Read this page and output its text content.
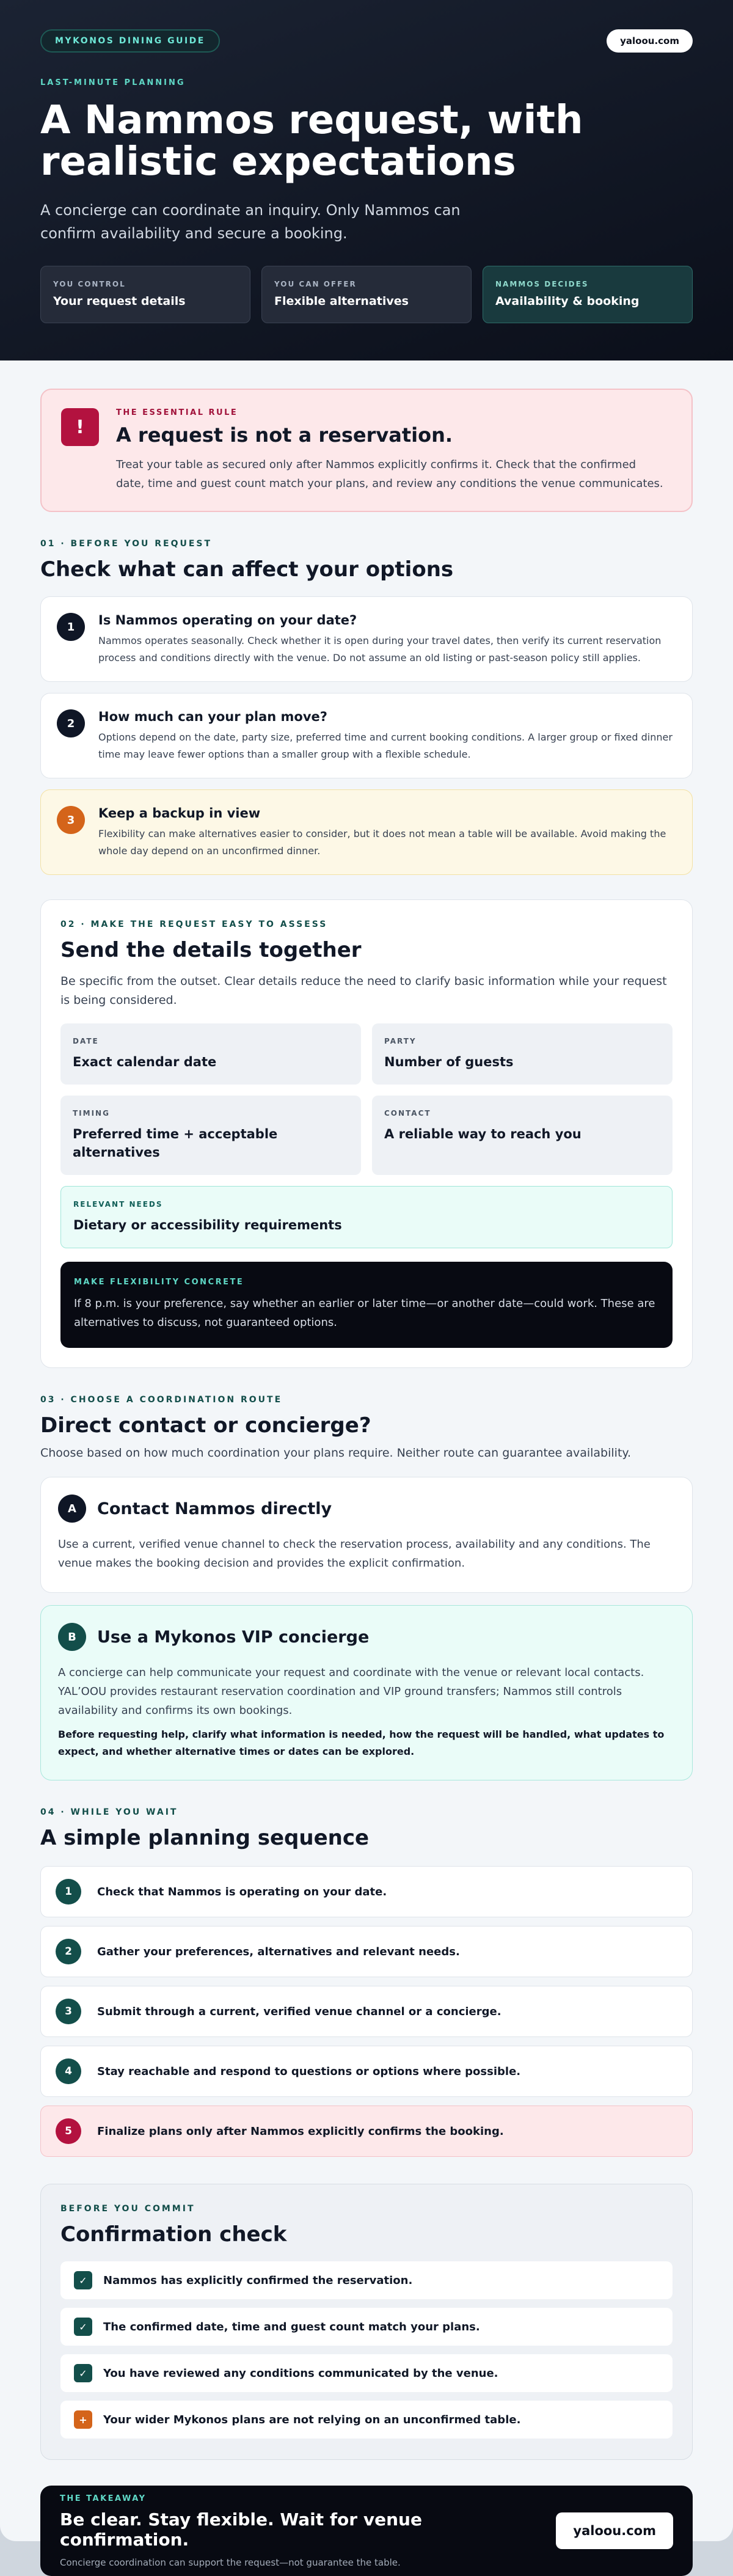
MYKONOS DINING GUIDE	yaloou.com
LAST-MINUTE PLANNING
A Nammos request, with realistic expectations

A concierge can coordinate an inquiry. Only Nammos can confirm availability and secure a booking.

YOU CONTROL
Your request details
YOU CAN OFFER
Flexible alternatives
NAMMOS DECIDES
Availability & booking
!
THE ESSENTIAL RULE
A request is not a reservation.

Treat your table as secured only after Nammos explicitly confirms it. Check that the confirmed date, time and guest count match your plans, and review any conditions the venue communicates.

01 · BEFORE YOU REQUEST
Check what can affect your options
1	Is Nammos operating on your date?

Nammos operates seasonally. Check whether it is open during your travel dates, then verify its current reservation process and conditions directly with the venue. Do not assume an old listing or past-season policy still applies.

2	How much can your plan move?

Options depend on the date, party size, preferred time and current booking conditions. A larger group or fixed dinner time may leave fewer options than a smaller group with a flexible schedule.

3	Keep a backup in view

Flexibility can make alternatives easier to consider, but it does not mean a table will be available. Avoid making the whole day depend on an unconfirmed dinner.

02 · MAKE THE REQUEST EASY TO ASSESS
Send the details together

Be specific from the outset. Clear details reduce the need to clarify basic information while your request is being considered.

DATE
Exact calendar date
PARTY
Number of guests
TIMING
Preferred time + acceptable alternatives
CONTACT
A reliable way to reach you
RELEVANT NEEDS
Dietary or accessibility requirements
MAKE FLEXIBILITY CONCRETE

If 8 p.m. is your preference, say whether an earlier or later time—or another date—could work. These are alternatives to discuss, not guaranteed options.

03 · CHOOSE A COORDINATION ROUTE
Direct contact or concierge?

Choose based on how much coordination your plans require. Neither route can guarantee availability.

A	Contact Nammos directly

Use a current, verified venue channel to check the reservation process, availability and any conditions. The venue makes the booking decision and provides the explicit confirmation.

B	Use a Mykonos VIP concierge

A concierge can help communicate your request and coordinate with the venue or relevant local contacts. YAL’OOU provides restaurant reservation coordination and VIP ground transfers; Nammos still controls availability and confirms its own bookings.

Before requesting help, clarify what information is needed, how the request will be handled, what updates to expect, and whether alternative times or dates can be explored.

04 · WHILE YOU WAIT
A simple planning sequence
1	Check that Nammos is operating on your date.
2	Gather your preferences, alternatives and relevant needs.
3	Submit through a current, verified venue channel or a concierge.
4	Stay reachable and respond to questions or options where possible.
5	Finalize plans only after Nammos explicitly confirms the booking.
BEFORE YOU COMMIT
Confirmation check
✓	Nammos has explicitly confirmed the reservation.
✓	The confirmed date, time and guest count match your plans.
✓	You have reviewed any conditions communicated by the venue.
+	Your wider Mykonos plans are not relying on an unconfirmed table.
THE TAKEAWAY
Be clear. Stay flexible. Wait for venue confirmation.
Concierge coordination can support the request—not guarantee the table.
yaloou.com
